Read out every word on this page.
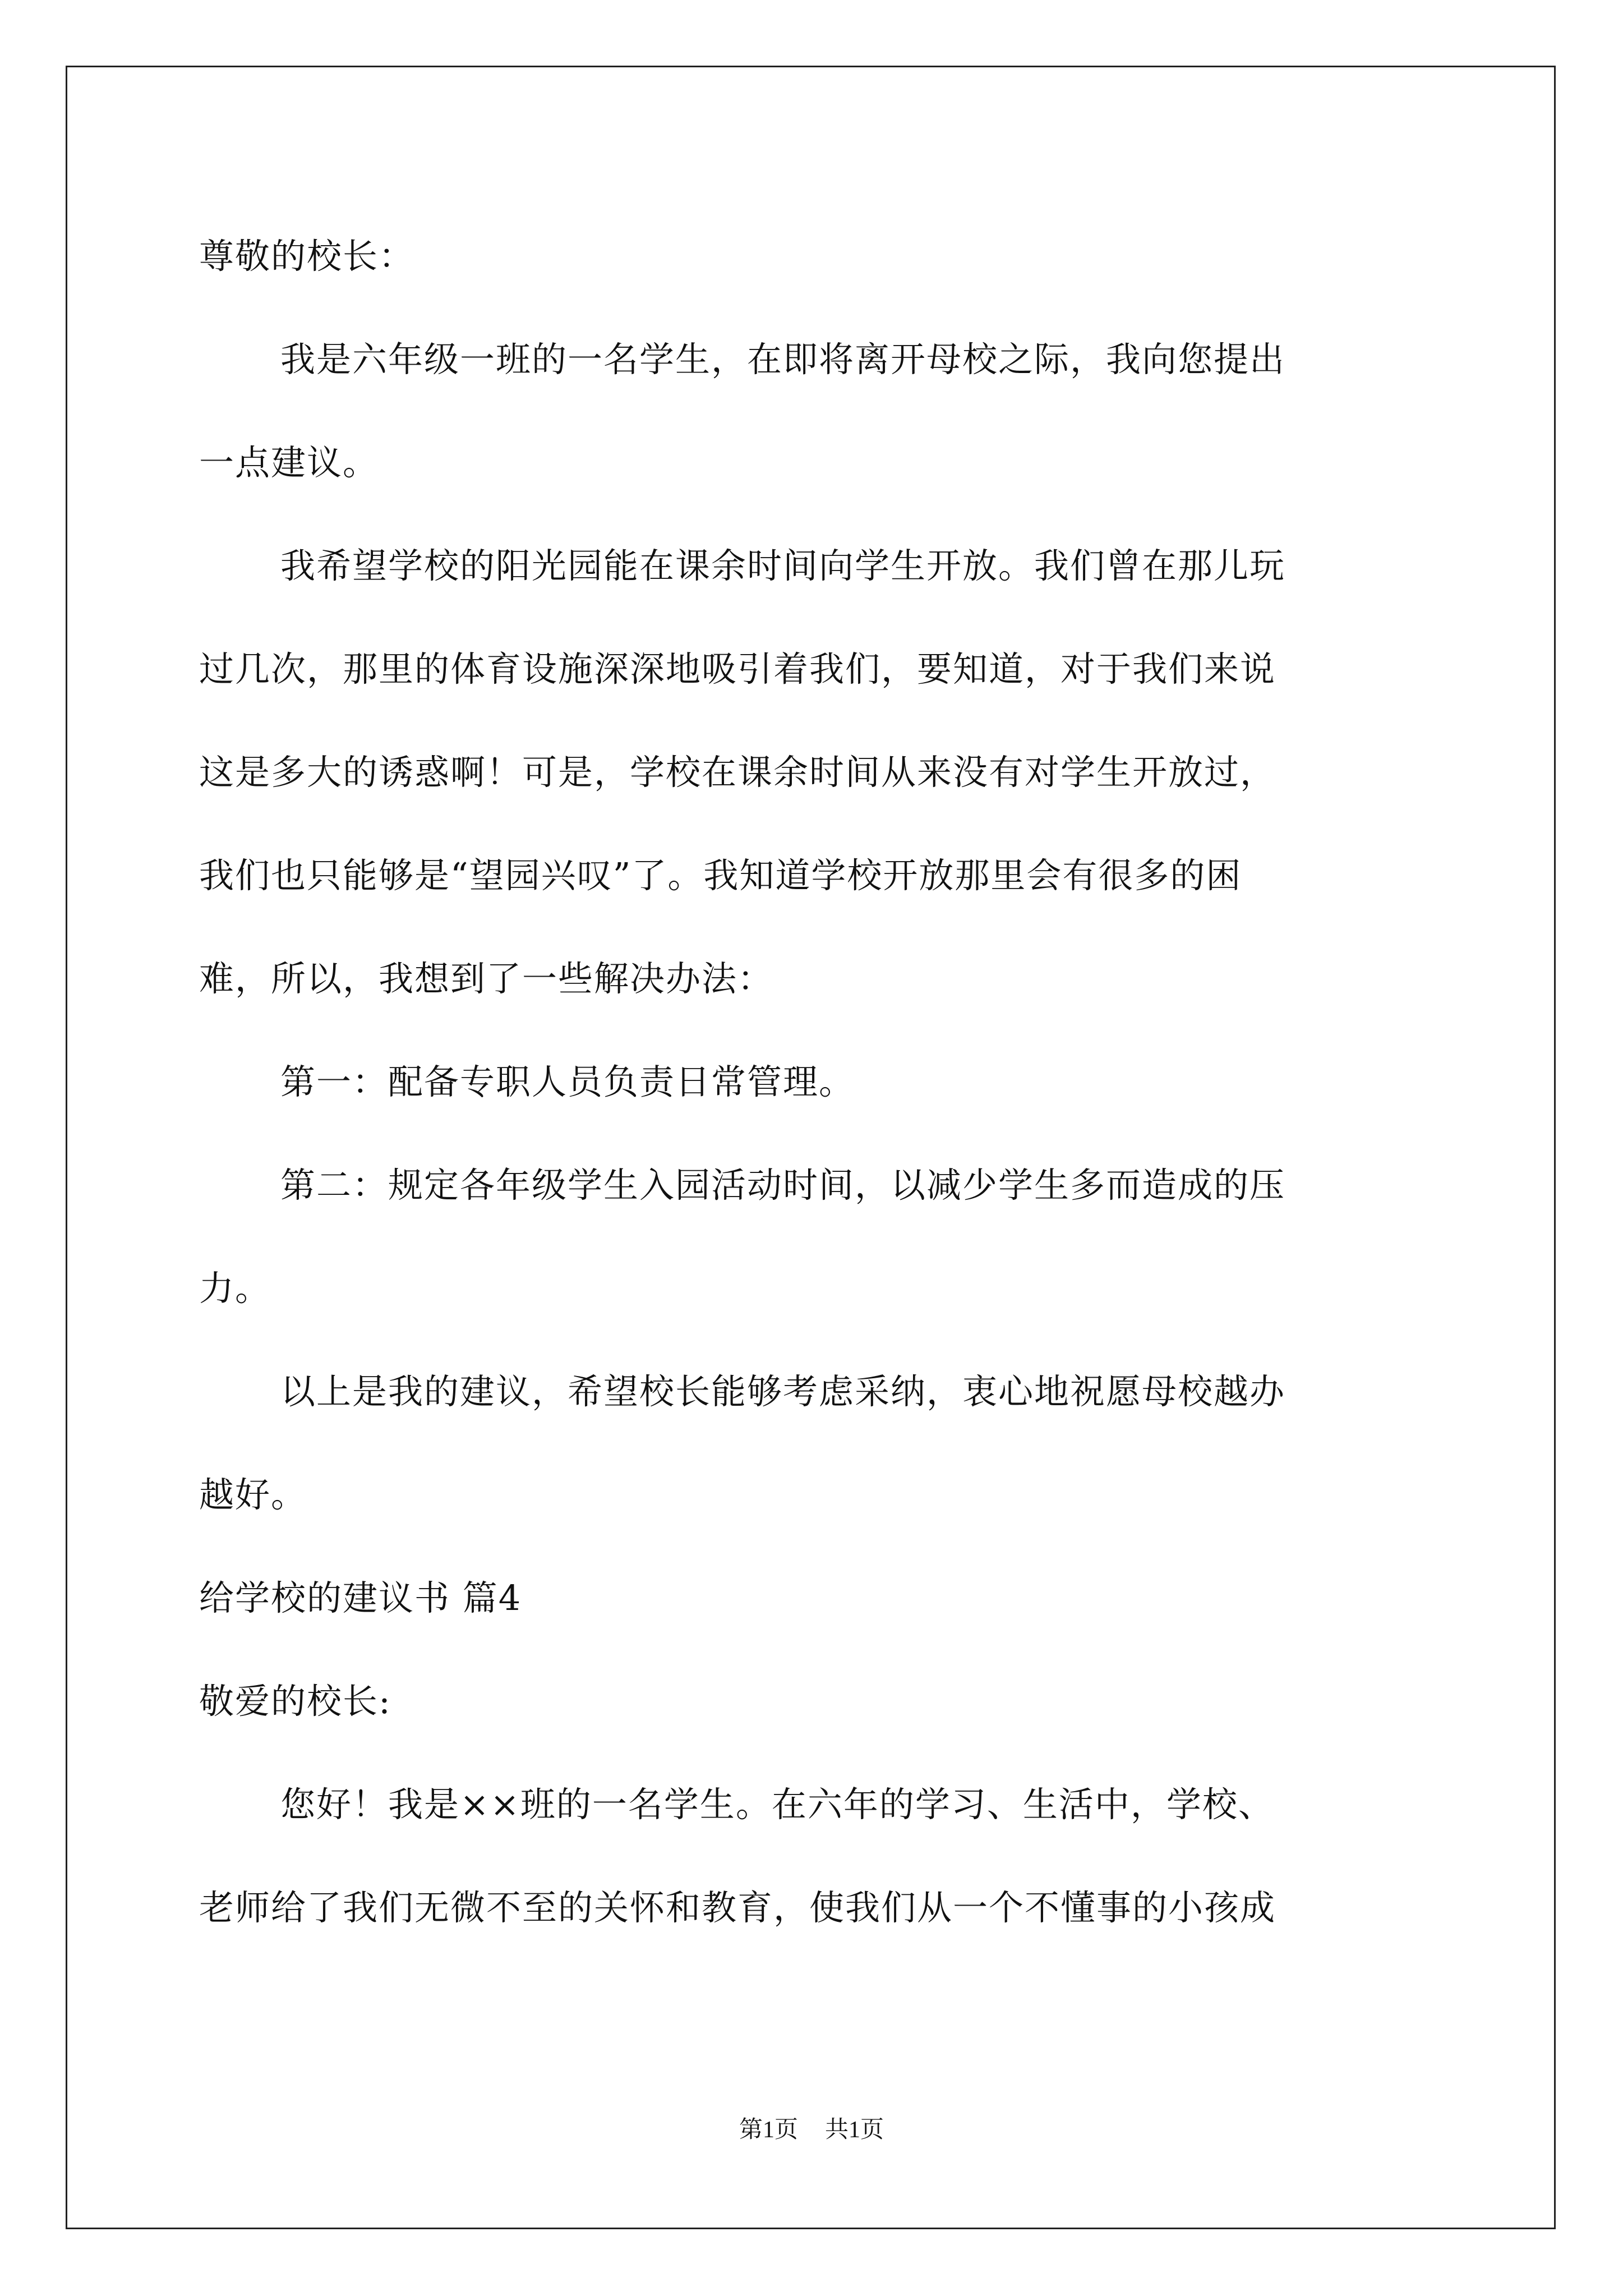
尊敬的校长：
我是六年级一班的一名学生，在即将离开母校之际，我向您提出
一点建议。
我希望学校的阳光园能在课余时间向学生开放。我们曾在那儿玩
过几次，那里的体育设施深深地吸引着我们，要知道，对于我们来说
这是多大的诱惑啊！可是，学校在课余时间从来没有对学生开放过，
我们也只能够是“望园兴叹”了。我知道学校开放那里会有很多的困
难，所以，我想到了一些解决办法：
第一：配备专职人员负责日常管理。
第二：规定各年级学生入园活动时间，以减少学生多而造成的压
力。
以上是我的建议，希望校长能够考虑采纳，衷心地祝愿母校越办
越好。
给学校的建议书 篇4
敬爱的校长:
您好！我是××班的一名学生。在六年的学习、生活中，学校、
老师给了我们无微不至的关怀和教育，使我们从一个不懂事的小孩成
第1页 共1页
